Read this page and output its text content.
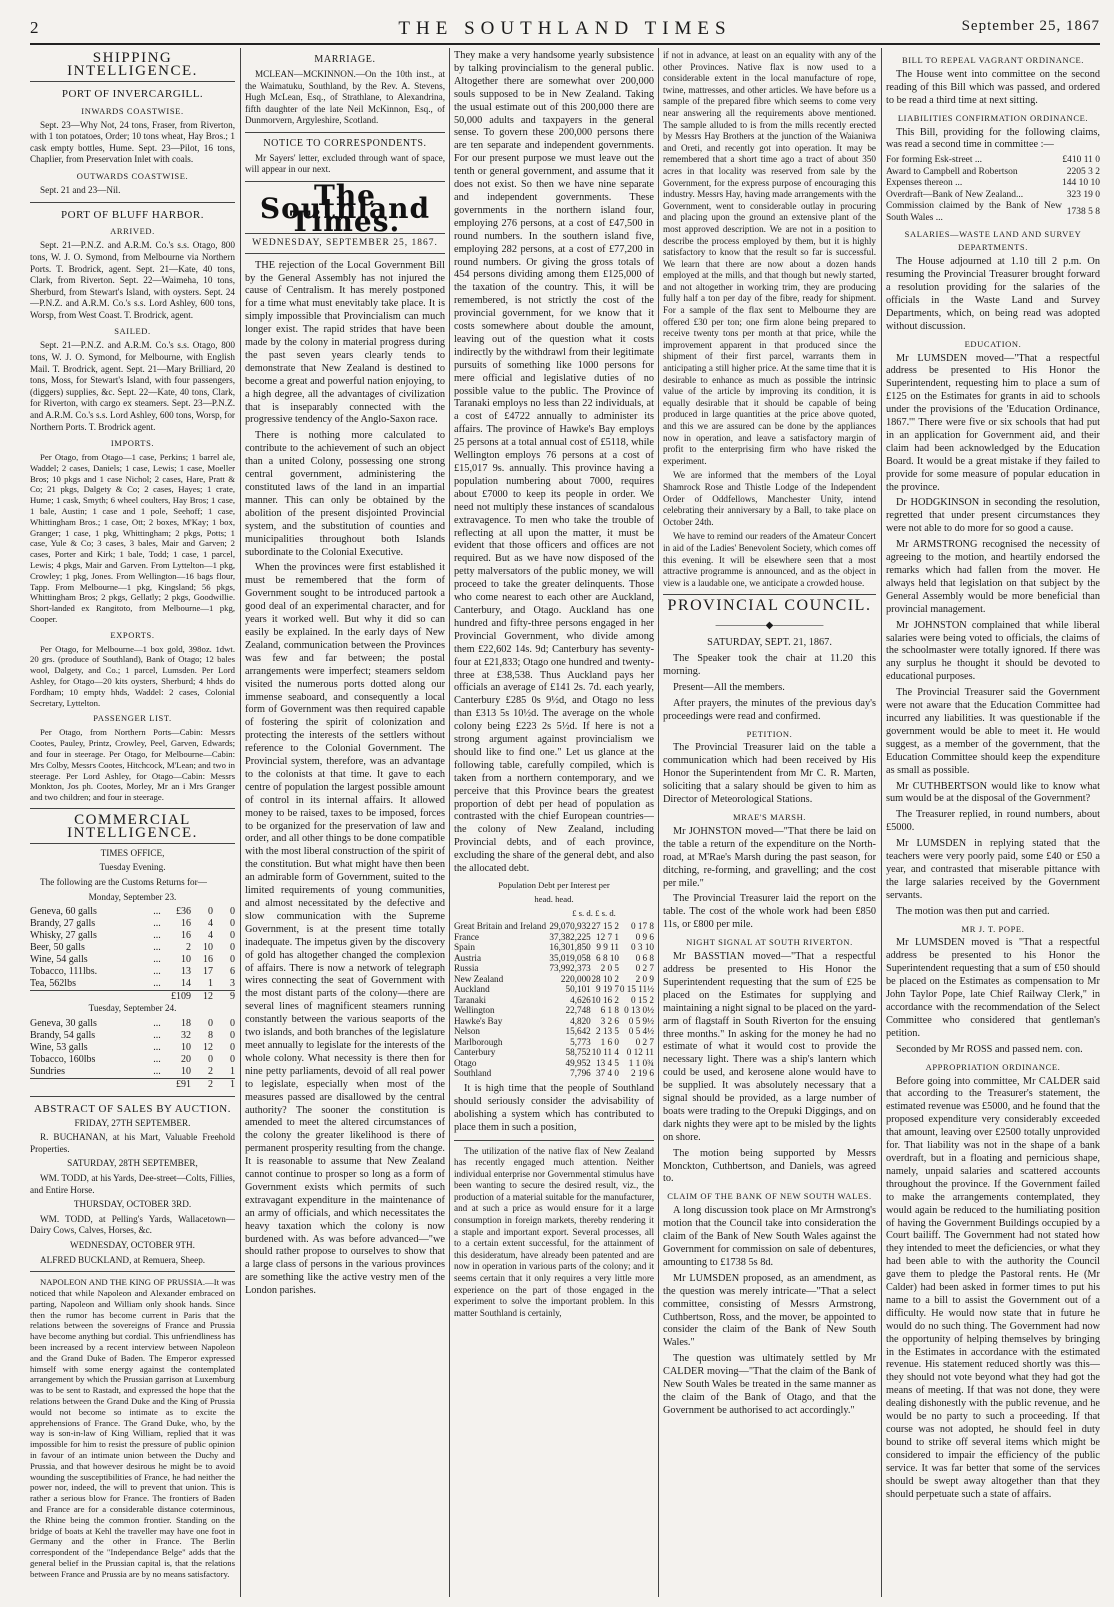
2	THE SOUTHLAND TIMES	September 25, 1867
SHIPPING INTELLIGENCE.
PORT OF INVERCARGILL.
INWARDS COASTWISE.

Sept. 23—Why Not, 24 tons, Fraser, from Riverton, with 1 ton potatoes, Order; 10 tons wheat, Hay Bros.; 1 cask empty bottles, Hume. Sept. 23—Pilot, 16 tons, Chaplier, from Preservation Inlet with coals.

OUTWARDS COASTWISE.

Sept. 21 and 23—Nil.

PORT OF BLUFF HARBOR.
ARRIVED.

Sept. 21—P.N.Z. and A.R.M. Co.'s s.s. Otago, 800 tons, W. J. O. Symond, from Melbourne via Northern Ports. T. Brodrick, agent. Sept. 21—Kate, 40 tons, Clark, from Riverton. Sept. 22—Waimeha, 10 tons, Sherburd, from Stewart's Island, with oysters. Sept. 24—P.N.Z. and A.R.M. Co.'s s.s. Lord Ashley, 600 tons, Worsp, from West Coast. T. Brodrick, agent.

SAILED.

Sept. 21—P.N.Z. and A.R.M. Co.'s s.s. Otago, 800 tons, W. J. O. Symond, for Melbourne, with English Mail. T. Brodrick, agent. Sept. 21—Mary Brilliard, 20 tons, Moss, for Stewart's Island, with four passengers, (diggers) supplies, &c. Sept. 22—Kate, 40 tons, Clark, for Riverton, with cargo ex steamers. Sept. 23—P.N.Z. and A.R.M. Co.'s s.s. Lord Ashley, 600 tons, Worsp, for Northern Ports. T. Brodrick agent.

IMPORTS.

Per Otago, from Otago—1 case, Perkins; 1 barrel ale, Waddel; 2 cases, Daniels; 1 case, Lewis; 1 case, Moeller Bros; 10 pkgs and 1 case Nichol; 2 cases, Hare, Pratt & Co; 21 pkgs, Dalgety & Co; 2 cases, Hayes; 1 crate, Hume; 1 cask, Smyth; 6 wheel coulters, Hay Bros; 1 case, 1 bale, Austin; 1 case and 1 pole, Seehoff; 1 case, Whittingham Bros.; 1 case, Ott; 2 boxes, M'Kay; 1 box, Granger; 1 case, 1 pkg, Whittingham; 2 pkgs, Potts; 1 case, Yule & Co; 3 cases, 3 bales, Mair and Garven; 2 cases, Porter and Kirk; 1 bale, Todd; 1 case, 1 parcel, Lewis; 4 pkgs, Mair and Garven. From Lyttelton—1 pkg, Crowley; 1 pkg, Jones. From Wellington—16 bags flour, Tapp. From Melbourne—1 pkg, Kingsland; 56 pkgs, Whittingham Bros; 2 pkgs, Gellatly; 2 pkgs, Goodwillie. Short-landed ex Rangitoto, from Melbourne—1 pkg, Cooper.

EXPORTS.

Per Otago, for Melbourne—1 box gold, 398oz. 1dwt. 20 grs. (produce of Southland), Bank of Otago; 12 bales wool, Dalgety, and Co.; 1 parcel, Lumsden. Per Lord Ashley, for Otago—20 kits oysters, Sherburd; 4 hhds do Fordham; 10 empty hhds, Waddel: 2 cases, Colonial Secretary, Lyttelton.

PASSENGER LIST.

Per Otago, from Northern Ports—Cabin: Messrs Cootes, Pauley, Printz, Crowley, Peel, Garven, Edwards; and four in steerage. Per Otago, for Melbourne—Cabin: Mrs Colby, Messrs Cootes, Hitchcock, M'Lean; and two in steerage. Per Lord Ashley, for Otago—Cabin: Messrs Monkton, Jos ph. Cootes, Morley, Mr an i Mrs Granger and two children; and four in steerage.

COMMERCIAL INTELLIGENCE.

TIMES OFFICE,

Tuesday Evening.

The following are the Customs Returns for—

Monday, September 23.

Geneva, 60 galls	...	£36	0	0
Brandy, 27 galls	...	16	4	0
Whisky, 27 galls	...	16	4	0
Beer, 50 galls	...	2	10	0
Wine, 54 galls	...	10	16	0
Tobacco, 111lbs.	...	13	17	6
Tea, 562lbs	...	14	1	3
		£109	12	9

Tuesday, September 24.

Geneva, 30 galls	...	18	0	0
Brandy, 54 galls	...	32	8	0
Wine, 53 galls	...	10	12	0
Tobacco, 160lbs	...	20	0	0
Sundries	...	10	2	1
		£91	2	1
ABSTRACT OF SALES BY AUCTION.

FRIDAY, 27TH SEPTEMBER.

R. BUCHANAN, at his Mart, Valuable Freehold Properties.

SATURDAY, 28TH SEPTEMBER,

WM. TODD, at his Yards, Dee-street—Colts, Fillies, and Entire Horse.

THURSDAY, OCTOBER 3RD.

WM. TODD, at Pelling's Yards, Wallacetown—Dairy Cows, Calves, Horses, &c.

WEDNESDAY, OCTOBER 9TH.

ALFRED BUCKLAND, at Remuera, Sheep.

NAPOLEON AND THE KING OF PRUSSIA.—It was noticed that while Napoleon and Alexander embraced on parting, Napoleon and William only shook hands. Since then the rumor has become current in Paris that the relations between the sovereigns of France and Prussia have become anything but cordial. This unfriendliness has been increased by a recent interview between Napoleon and the Grand Duke of Baden. The Emperor expressed himself with some energy against the contemplated arrangement by which the Prussian garrison at Luxemburg was to be sent to Rastadt, and expressed the hope that the relations between the Grand Duke and the King of Prussia would not become so intimate as to excite the apprehensions of France. The Grand Duke, who, by the way is son-in-law of King William, replied that it was impossible for him to resist the pressure of public opinion in favour of an intimate union between the Duchy and Prussia, and that however desirous he might be to avoid wounding the susceptibilities of France, he had neither the power nor, indeed, the will to prevent that union. This is rather a serious blow for France. The frontiers of Baden and France are for a considerable distance coterminous, the Rhine being the common frontier. Standing on the bridge of boats at Kehl the traveller may have one foot in Germany and the other in France. The Berlin correspondent of the "Independance Belge" adds that the general belief in the Prussian capital is, that the relations between France and Prussia are by no means satisfactory.

MARRIAGE.

MCLEAN—MCKINNON.—On the 10th inst., at the Waimatuku, Southland, by the Rev. A. Stevens, Hugh McLean, Esq., of Strathlane, to Alexandrina, fifth daughter of the late Neil McKinnon, Esq., of Dunmorvern, Argyleshire, Scotland.

NOTICE TO CORRESPONDENTS.

Mr Sayers' letter, excluded through want of space, will appear in our next.

The Southland Times.
WEDNESDAY, SEPTEMBER 25, 1867.

THE rejection of the Local Government Bill by the General Assembly has not injured the cause of Centralism. It has merely postponed for a time what must enevitably take place. It is simply impossible that Provincialism can much longer exist. The rapid strides that have been made by the colony in material progress during the past seven years clearly tends to demonstrate that New Zealand is destined to become a great and powerful nation enjoying, to a high degree, all the advantages of civilization that is inseparably connected with the progressive tendency of the Anglo-Saxon race.

There is nothing more calculated to contribute to the achievement of such an object than a united Colony, possessing one strong central government, administering the constituted laws of the land in an impartial manner. This can only be obtained by the abolition of the present disjointed Provincial system, and the substitution of counties and municipalities throughout both Islands subordinate to the Colonial Executive.

When the provinces were first established it must be remembered that the form of Government sought to be introduced partook a good deal of an experimental character, and for years it worked well. But why it did so can easily be explained. In the early days of New Zealand, communication between the Provinces was few and far between; the postal arrangements were imperfect; steamers seldom visited the numerous ports dotted along our immense seaboard, and consequently a local form of Government was then required capable of fostering the spirit of colonization and protecting the interests of the settlers without reference to the Colonial Government. The Provincial system, therefore, was an advantage to the colonists at that time. It gave to each centre of population the largest possible amount of control in its internal affairs. It allowed money to be raised, taxes to be imposed, forces to be organized for the preservation of law and order, and all other things to be done compatible with the most liberal construction of the spirit of the constitution. But what might have then been an admirable form of Government, suited to the limited requirements of young communities, and almost necessitated by the defective and slow communication with the Supreme Government, is at the present time totally inadequate. The impetus given by the discovery of gold has altogether changed the complexion of affairs. There is now a network of telegraph wires connecting the seat of Government with the most distant parts of the colony—there are several lines of magnificent steamers running constantly between the various seaports of the two islands, and both branches of the legislature meet annually to legislate for the interests of the whole colony. What necessity is there then for nine petty parliaments, devoid of all real power to legislate, especially when most of the measures passed are disallowed by the central authority? The sooner the constitution is amended to meet the altered circumstances of the colony the greater likelihood is there of permanent prosperity resulting from the change. It is reasonable to assume that New Zealand cannot continue to prosper so long as a form of Government exists which permits of such extravagant expenditure in the maintenance of an army of officials, and which necessitates the heavy taxation which the colony is now burdened with. As was before advanced—"we should rather propose to ourselves to show that a large class of persons in the various provinces are something like the active vestry men of the London parishes.

They make a very handsome yearly subsistence by talking provincialism to the general public. Altogether there are somewhat over 200,000 souls supposed to be in New Zealand. Taking the usual estimate out of this 200,000 there are 50,000 adults and taxpayers in the general sense. To govern these 200,000 persons there are ten separate and independent governments. For our present purpose we must leave out the tenth or general government, and assume that it does not exist. So then we have nine separate and independent governments. These governments in the northern island four, employing 276 persons, at a cost of £47,500 in round numbers. In the southern island five, employing 282 persons, at a cost of £77,200 in round numbers. Or giving the gross totals of 454 persons dividing among them £125,000 of the taxation of the country. This, it will be remembered, is not strictly the cost of the provincial government, for we know that it costs somewhere about double the amount, leaving out of the question what it costs indirectly by the withdrawl from their legitimate pursuits of something like 1000 persons for mere official and legislative duties of no possible value to the public. The Province of Taranaki employs no less than 22 individuals, at a cost of £4722 annually to administer its affairs. The province of Hawke's Bay employs 25 persons at a total annual cost of £5118, while Wellington employs 76 persons at a cost of £15,017 9s. annually. This province having a population numbering about 7000, requires about £7000 to keep its people in order. We need not multiply these instances of scandalous extravagence. To men who take the trouble of reflecting at all upon the matter, it must be evident that those officers and offices are not required. But as we have now disposed of the petty malversators of the public money, we will proceed to take the greater delinquents. Those who come nearest to each other are Auckland, Canterbury, and Otago. Auckland has one hundred and fifty-three persons engaged in her Provincial Government, who divide among them £22,602 14s. 9d; Canterbury has seventy-four at £21,833; Otago one hundred and twenty-three at £38,538. Thus Auckland pays her officials an average of £141 2s. 7d. each yearly, Canterbury £285 0s 9½d, and Otago no less than £313 5s 10½d. The average on the whole colony being £223 2s 5½d. If here is not a strong argument against provincialism we should like to find one." Let us glance at the following table, carefully compiled, which is taken from a northern contemporary, and we perceive that this Province bears the greatest proportion of debt per head of population as contrasted with the chief European countries—the colony of New Zealand, including Provincial debts, and of each province, excluding the share of the general debt, and also the allocated debt.

Population Debt per Interest per

head. head.

£ s. d. £ s. d.

Great Britain and Ireland	29,070,932	27 15 2	0 17 8
France	37,382,225	12 7 1	0 9 6
Spain	16,301,850	9 9 11	0 3 10
Austria	35,019,058	6 8 10	0 6 8
Russia	73,992,373	2 0 5	0 2 7
New Zealand	220,000	28 10 2	2 0 9
Auckland	50,101	9 19 7	0 15 11½
Taranaki	4,626	10 16 2	0 15 2
Wellington	22,748	6 1 8	0 13 0½
Hawke's Bay	4,820	3 2 6	0 5 9½
Nelson	15,642	2 13 5	0 5 4½
Marlborough	5,773	1 6 0	0 2 7
Canterbury	58,752	10 11 4	0 12 11
Otago	49,952	13 4 5	1 1 0¾
Southland	7,796	37 4 0	2 19 6

It is high time that the people of Southland should seriously consider the advisability of abolishing a system which has contributed to place them in such a position,

The utilization of the native flax of New Zealand has recently engaged much attention. Neither individual enterprise nor Governmental stimulus have been wanting to secure the desired result, viz., the production of a material suitable for the manufacturer, and at such a price as would ensure for it a large consumption in foreign markets, thereby rendering it a staple and important export. Several processes, all to a certain extent successful, for the attainment of this desideratum, have already been patented and are now in operation in various parts of the colony; and it seems certain that it only requires a very little more experience on the part of those engaged in the experiment to solve the important problem. In this matter Southland is certainly,

if not in advance, at least on an equality with any of the other Provinces. Native flax is now used to a considerable extent in the local manufacture of rope, twine, mattresses, and other articles. We have before us a sample of the prepared fibre which seems to come very near answering all the requirements above mentioned. The sample alluded to is from the mills recently erected by Messrs Hay Brothers at the junction of the Waianiwa and Oreti, and recently got into operation. It may be remembered that a short time ago a tract of about 350 acres in that locality was reserved from sale by the Government, for the express purpose of encouraging this industry. Messrs Hay, having made arrangements with the Government, went to considerable outlay in procuring and placing upon the ground an extensive plant of the most approved description. We are not in a position to describe the process employed by them, but it is highly satisfactory to know that the result so far is successful. We learn that there are now about a dozen hands employed at the mills, and that though but newly started, and not altogether in working trim, they are producing fully half a ton per day of the fibre, ready for shipment. For a sample of the flax sent to Melbourne they are offered £30 per ton; one firm alone being prepared to receive twenty tons per month at that price, while the improvement apparent in that produced since the shipment of their first parcel, warrants them in anticipating a still higher price. At the same time that it is desirable to enhance as much as possible the intrinsic value of the article by improving its condition, it is equally desirable that it should be capable of being produced in large quantities at the price above quoted, and this we are assured can be done by the appliances now in operation, and leave a satisfactory margin of profit to the enterprising firm who have risked the experiment.

We are informed that the members of the Loyal Shamrock Rose and Thistle Lodge of the Independent Order of Oddfellows, Manchester Unity, intend celebrating their anniversary by a Ball, to take place on October 24th.

We have to remind our readers of the Amateur Concert in aid of the Ladies' Benevolent Society, which comes off this evening. It will be elsewhere seen that a most attractive programme is announced, and as the object in view is a laudable one, we anticipate a crowded house.

PROVINCIAL COUNCIL.
—————◆—————

SATURDAY, SEPT. 21, 1867.

The Speaker took the chair at 11.20 this morning.

Present—All the members.

After prayers, the minutes of the previous day's proceedings were read and confirmed.

PETITION.

The Provincial Treasurer laid on the table a communication which had been received by His Honor the Superintendent from Mr C. R. Marten, soliciting that a salary should be given to him as Director of Meteorological Stations.

MRAE'S MARSH.

Mr JOHNSTON moved—"That there be laid on the table a return of the expenditure on the North-road, at M'Rae's Marsh during the past season, for ditching, re-forming, and gravelling; and the cost per mile."

The Provincial Treasurer laid the report on the table. The cost of the whole work had been £850 11s, or £800 per mile.

NIGHT SIGNAL AT SOUTH RIVERTON.

Mr BASSTIAN moved—"That a respectful address be presented to His Honor the Superintendent requesting that the sum of £25 be placed on the Estimates for supplying and maintaining a night signal to be placed on the yard-arm of flagstaff in South Riverton for the ensuing three months." In asking for the money he had no estimate of what it would cost to provide the necessary light. There was a ship's lantern which could be used, and kerosene alone would have to be supplied. It was absolutely necessary that a signal should be provided, as a large number of boats were trading to the Orepuki Diggings, and on dark nights they were apt to be misled by the lights on shore.

The motion being supported by Messrs Monckton, Cuthbertson, and Daniels, was agreed to.

CLAIM OF THE BANK OF NEW SOUTH WALES.

A long discussion took place on Mr Armstrong's motion that the Council take into consideration the claim of the Bank of New South Wales against the Government for commission on sale of debentures, amounting to £1738 5s 8d.

Mr LUMSDEN proposed, as an amendment, as the question was merely intricate—"That a select committee, consisting of Messrs Armstrong, Cuthbertson, Ross, and the mover, be appointed to consider the claim of the Bank of New South Wales."

The question was ultimately settled by Mr CALDER moving—"That the claim of the Bank of New South Wales be treated in the same manner as the claim of the Bank of Otago, and that the Government be authorised to act accordingly."

BILL TO REPEAL VAGRANT ORDINANCE.

The House went into committee on the second reading of this Bill which was passed, and ordered to be read a third time at next sitting.

LIABILITIES CONFIRMATION ORDINANCE.

This Bill, providing for the following claims, was read a second time in committee :—

For forming Esk-street ...	£410 11 0
Award to Campbell and Robertson	2205 3 2
Expenses thereon ...	144 10 10
Overdraft—Bank of New Zealand...	323 19 0
Commission claimed by the Bank of New South Wales ...	1738 5 8
SALARIES—WASTE LAND AND SURVEY DEPARTMENTS.

The House adjourned at 1.10 till 2 p.m. On resuming the Provincial Treasurer brought forward a resolution providing for the salaries of the officials in the Waste Land and Survey Departments, which, on being read was adopted without discussion.

EDUCATION.

Mr LUMSDEN moved—"That a respectful address be presented to His Honor the Superintendent, requesting him to place a sum of £125 on the Estimates for grants in aid to schools under the provisions of the 'Education Ordinance, 1867.'" There were five or six schools that had put in an application for Government aid, and their claim had been acknowledged by the Education Board. It would be a great mistake if they failed to provide for some measure of popular education in the province.

Dr HODGKINSON in seconding the resolution, regretted that under present circumstances they were not able to do more for so good a cause.

Mr ARMSTRONG recognised the necessity of agreeing to the motion, and heartily endorsed the remarks which had fallen from the mover. He always held that legislation on that subject by the General Assembly would be more beneficial than provincial management.

Mr JOHNSTON complained that while liberal salaries were being voted to officials, the claims of the schoolmaster were totally ignored. If there was any surplus he thought it should be devoted to educational purposes.

The Provincial Treasurer said the Government were not aware that the Education Committee had incurred any liabilities. It was questionable if the government would be able to meet it. He would suggest, as a member of the government, that the Education Committee should keep the expenditure as small as possible.

Mr CUTHBERTSON would like to know what sum would be at the disposal of the Government?

The Treasurer replied, in round numbers, about £5000.

Mr LUMSDEN in replying stated that the teachers were very poorly paid, some £40 or £50 a year, and contrasted that miserable pittance with the large salaries received by the Government servants.

The motion was then put and carried.

MR J. T. POPE.

Mr LUMSDEN moved is "That a respectful address be presented to his Honor the Superintendent requesting that a sum of £50 should be placed on the Estimates as compensation to Mr John Taylor Pope, late Chief Railway Clerk," in accordance with the recommendation of the Select Committee who considered that gentleman's petition.

Seconded by Mr ROSS and passed nem. con.

APPROPRIATION ORDINANCE.

Before going into committee, Mr CALDER said that according to the Treasurer's statement, the estimated revenue was £5000, and he found that the proposed expenditure very considerably exceeded that amount, leaving over £2500 totally unprovided for. That liability was not in the shape of a bank overdraft, but in a floating and pernicious shape, namely, unpaid salaries and scattered accounts throughout the province. If the Government failed to make the arrangements contemplated, they would again be reduced to the humiliating position of having the Government Buildings occupied by a Court bailiff. The Government had not stated how they intended to meet the deficiencies, or what they had been able to with the authority the Council gave them to pledge the Pastoral rents. He (Mr Calder) had been asked in former times to put his name to a bill to assist the Government out of a difficulty. He would now state that in future he would do no such thing. The Government had now the opportunity of helping themselves by bringing in the Estimates in accordance with the estimated revenue. His statement reduced shortly was this—they should not vote beyond what they had got the means of meeting. If that was not done, they were dealing dishonestly with the public revenue, and he would be no party to such a proceeding. If that course was not adopted, he should feel in duty bound to strike off several items which might be considered to impair the efficiency of the public service. It was far better that some of the services should be swept away altogether than that they should perpetuate such a state of affairs.
